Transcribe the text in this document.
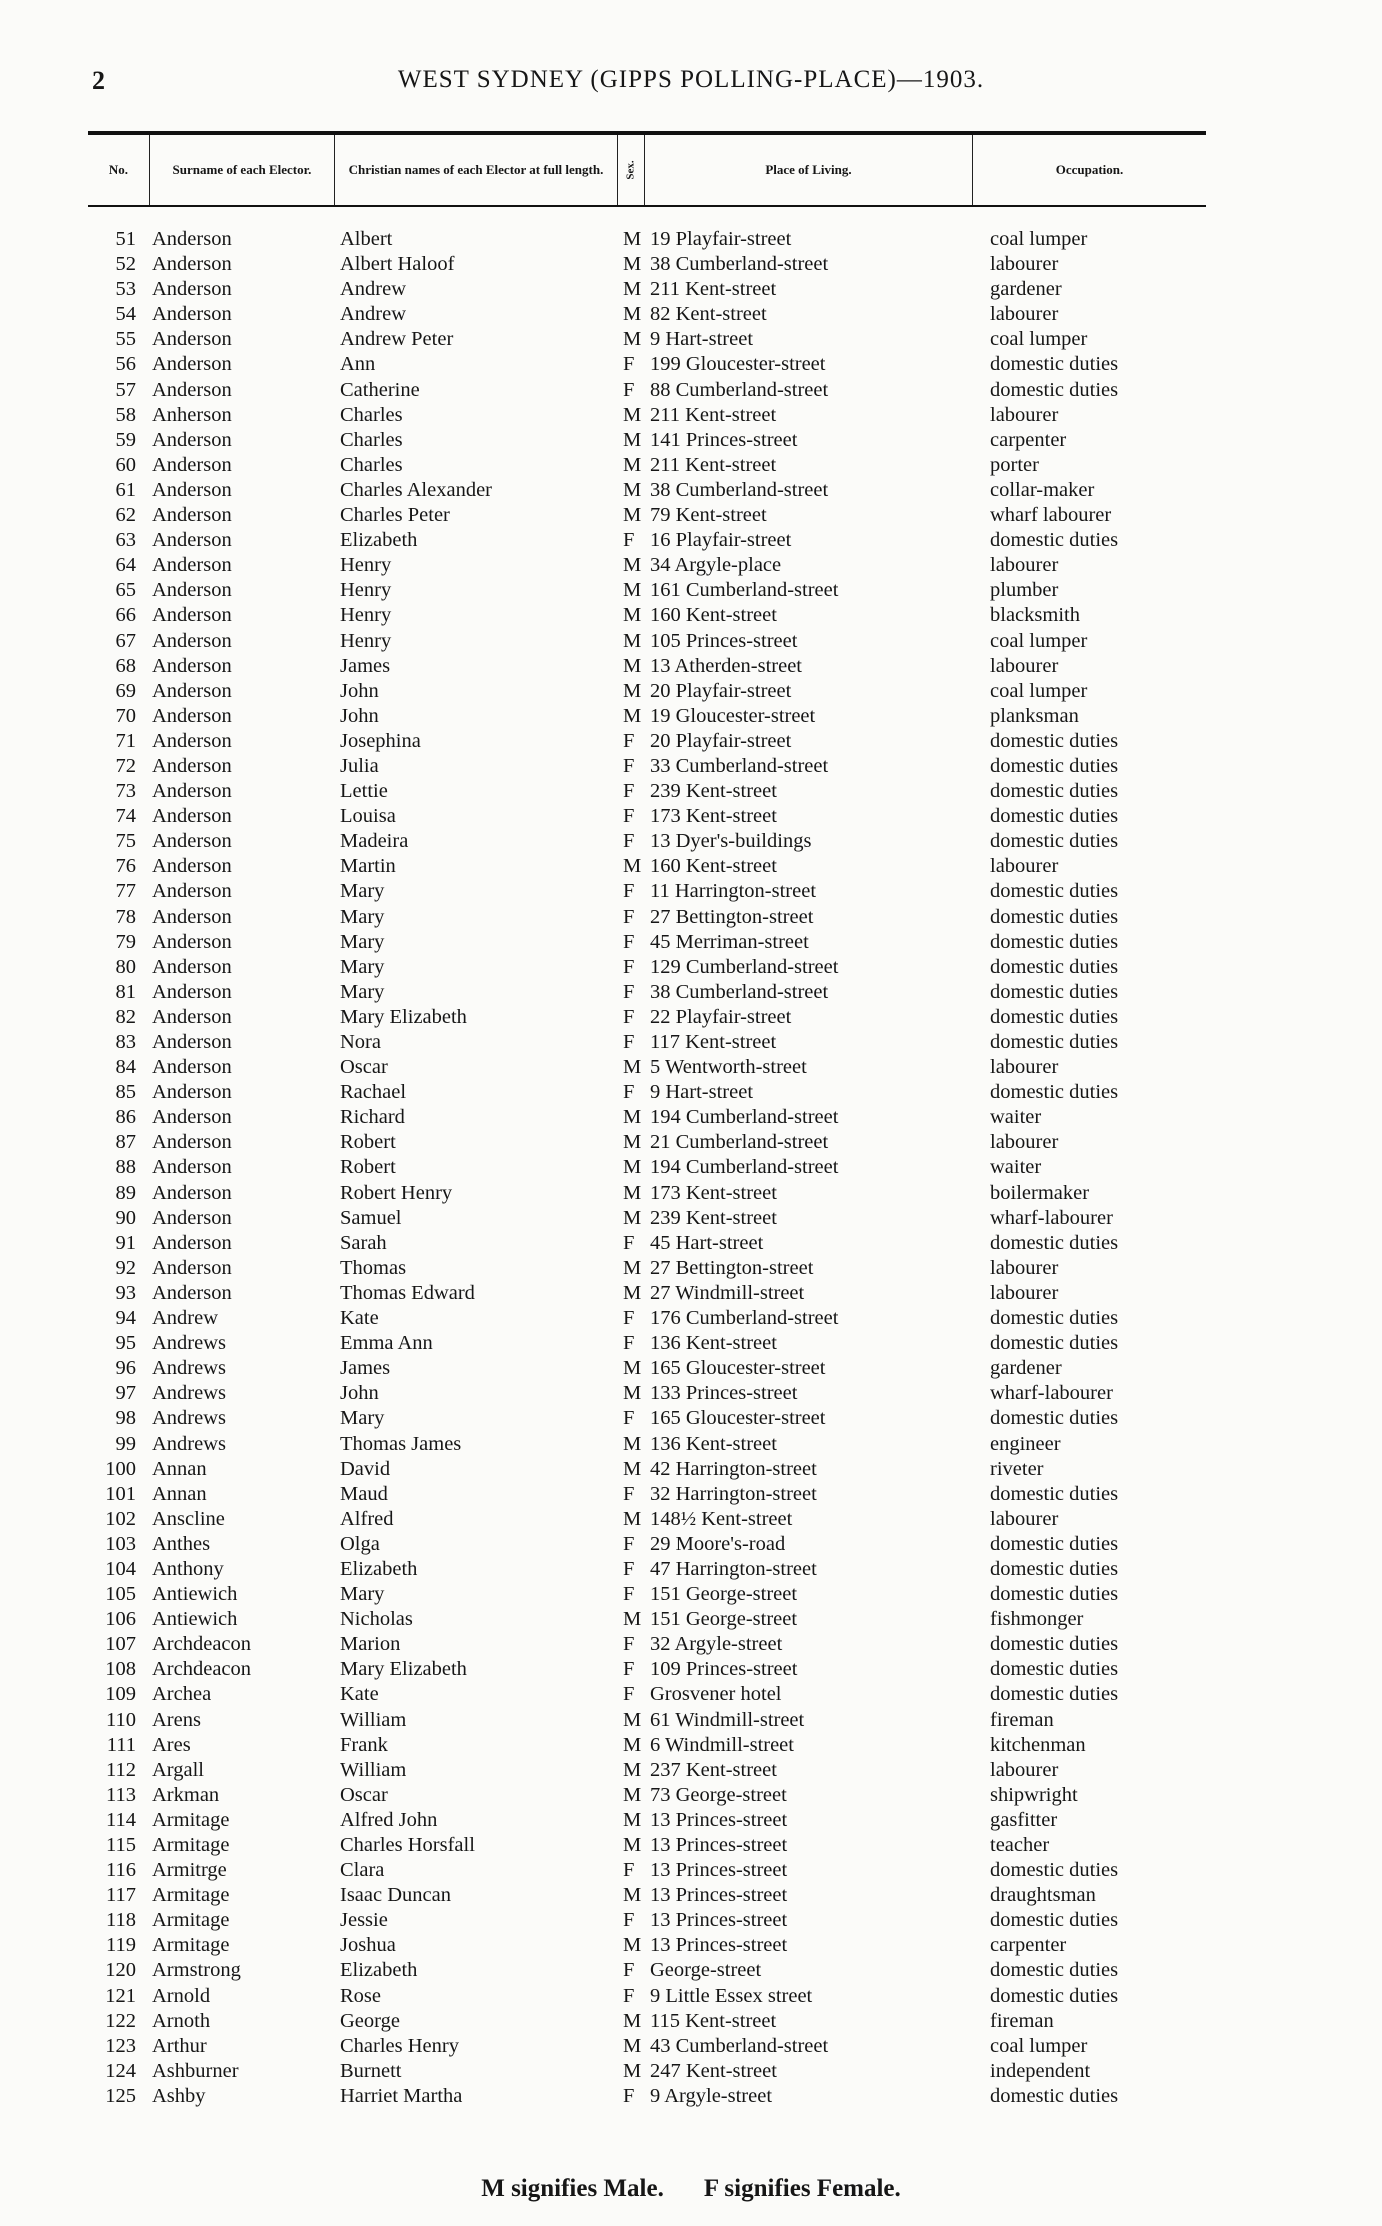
2	WEST SYDNEY (GIPPS POLLING-PLACE)—1903.
No.	Surname of each Elector.	Christian names of each Elector at full length.	Sex.	Place of Living.	Occupation.
51 Anderson	Albert	M 19 Playfair-street	coal lumper
52 Anderson	Albert Haloof	M 38 Cumberland-street	labourer
53 Anderson	Andrew	M 211 Kent-street	gardener
54 Anderson	Andrew	M 82 Kent-street	labourer
55 Anderson	Andrew Peter	M 9 Hart-street	coal lumper
56 Anderson	Ann	F 199 Gloucester-street	domestic duties
57 Anderson	Catherine	F 88 Cumberland-street	domestic duties
58 Anherson	Charles	M 211 Kent-street	labourer
59 Anderson	Charles	M 141 Princes-street	carpenter
60 Anderson	Charles	M 211 Kent-street	porter
61 Anderson	Charles Alexander	M 38 Cumberland-street	collar-maker
62 Anderson	Charles Peter	M 79 Kent-street	wharf labourer
63 Anderson	Elizabeth	F 16 Playfair-street	domestic duties
64 Anderson	Henry	M 34 Argyle-place	labourer
65 Anderson	Henry	M 161 Cumberland-street	plumber
66 Anderson	Henry	M 160 Kent-street	blacksmith
67 Anderson	Henry	M 105 Princes-street	coal lumper
68 Anderson	James	M 13 Atherden-street	labourer
69 Anderson	John	M 20 Playfair-street	coal lumper
70 Anderson	John	M 19 Gloucester-street	planksman
71 Anderson	Josephina	F 20 Playfair-street	domestic duties
72 Anderson	Julia	F 33 Cumberland-street	domestic duties
73 Anderson	Lettie	F 239 Kent-street	domestic duties
74 Anderson	Louisa	F 173 Kent-street	domestic duties
75 Anderson	Madeira	F 13 Dyer's-buildings	domestic duties
76 Anderson	Martin	M 160 Kent-street	labourer
77 Anderson	Mary	F 11 Harrington-street	domestic duties
78 Anderson	Mary	F 27 Bettington-street	domestic duties
79 Anderson	Mary	F 45 Merriman-street	domestic duties
80 Anderson	Mary	F 129 Cumberland-street	domestic duties
81 Anderson	Mary	F 38 Cumberland-street	domestic duties
82 Anderson	Mary Elizabeth	F 22 Playfair-street	domestic duties
83 Anderson	Nora	F 117 Kent-street	domestic duties
84 Anderson	Oscar	M 5 Wentworth-street	labourer
85 Anderson	Rachael	F 9 Hart-street	domestic duties
86 Anderson	Richard	M 194 Cumberland-street	waiter
87 Anderson	Robert	M 21 Cumberland-street	labourer
88 Anderson	Robert	M 194 Cumberland-street	waiter
89 Anderson	Robert Henry	M 173 Kent-street	boilermaker
90 Anderson	Samuel	M 239 Kent-street	wharf-labourer
91 Anderson	Sarah	F 45 Hart-street	domestic duties
92 Anderson	Thomas	M 27 Bettington-street	labourer
93 Anderson	Thomas Edward	M 27 Windmill-street	labourer
94 Andrew	Kate	F 176 Cumberland-street	domestic duties
95 Andrews	Emma Ann	F 136 Kent-street	domestic duties
96 Andrews	James	M 165 Gloucester-street	gardener
97 Andrews	John	M 133 Princes-street	wharf-labourer
98 Andrews	Mary	F 165 Gloucester-street	domestic duties
99 Andrews	Thomas James	M 136 Kent-street	engineer
100 Annan	David	M 42 Harrington-street	riveter
101 Annan	Maud	F 32 Harrington-street	domestic duties
102 Anscline	Alfred	M 148½ Kent-street	labourer
103 Anthes	Olga	F 29 Moore's-road	domestic duties
104 Anthony	Elizabeth	F 47 Harrington-street	domestic duties
105 Antiewich	Mary	F 151 George-street	domestic duties
106 Antiewich	Nicholas	M 151 George-street	fishmonger
107 Archdeacon	Marion	F 32 Argyle-street	domestic duties
108 Archdeacon	Mary Elizabeth	F 109 Princes-street	domestic duties
109 Archea	Kate	F Grosvener hotel	domestic duties
110 Arens	William	M 61 Windmill-street	fireman
111 Ares	Frank	M 6 Windmill-street	kitchenman
112 Argall	William	M 237 Kent-street	labourer
113 Arkman	Oscar	M 73 George-street	shipwright
114 Armitage	Alfred John	M 13 Princes-street	gasfitter
115 Armitage	Charles Horsfall	M 13 Princes-street	teacher
116 Armitrge	Clara	F 13 Princes-street	domestic duties
117 Armitage	Isaac Duncan	M 13 Princes-street	draughtsman
118 Armitage	Jessie	F 13 Princes-street	domestic duties
119 Armitage	Joshua	M 13 Princes-street	carpenter
120 Armstrong	Elizabeth	F George-street	domestic duties
121 Arnold	Rose	F 9 Little Essex street	domestic duties
122 Arnoth	George	M 115 Kent-street	fireman
123 Arthur	Charles Henry	M 43 Cumberland-street	coal lumper
124 Ashburner	Burnett	M 247 Kent-street	independent
125 Ashby	Harriet Martha	F 9 Argyle-street	domestic duties
M signifies Male. F signifies Female.
